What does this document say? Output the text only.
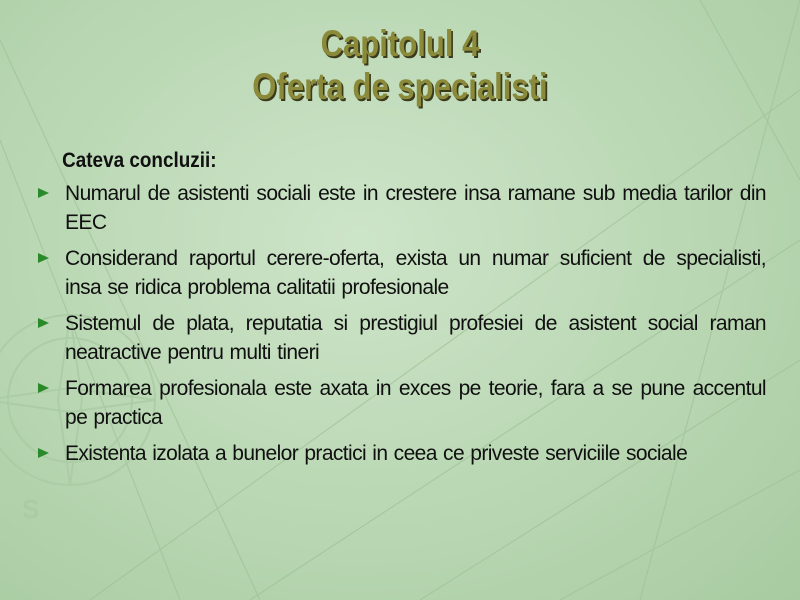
S
Capitolul 4
Oferta de specialisti
Cateva concluzii:
Numarul de asistenti sociali este in crestere insa ramane sub media tarilor din EEC
Considerand raportul cerere-oferta, exista un numar suficient de specialisti, insa se ridica problema calitatii profesionale
Sistemul de plata, reputatia si prestigiul profesiei de asistent social raman neatractive pentru multi tineri
Formarea profesionala este axata in exces pe teorie, fara a se pune accentul pe practica
Existenta izolata a bunelor practici in ceea ce priveste serviciile sociale
